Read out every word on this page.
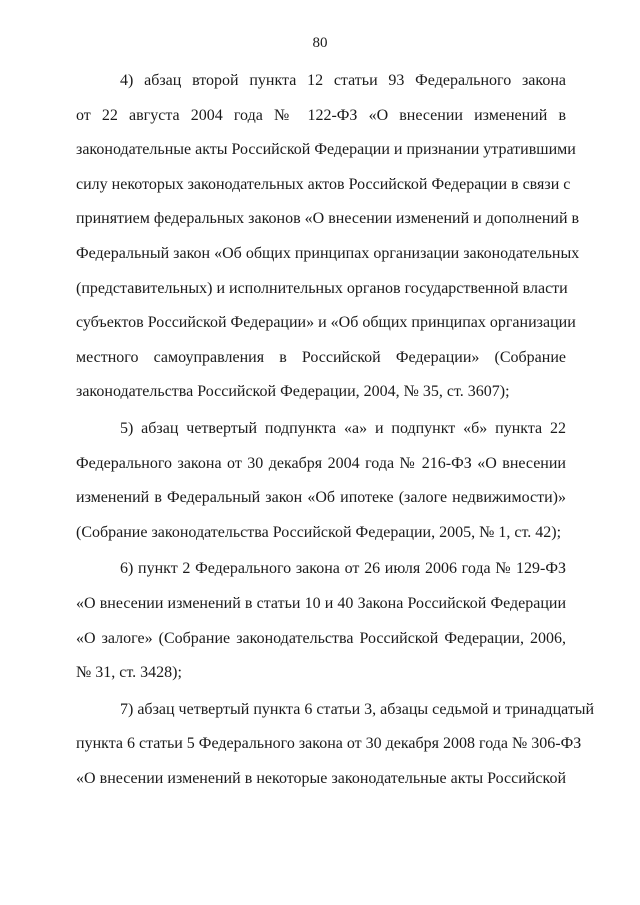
80
4) абзац второй пункта 12 статьи 93 Федерального закона
от 22 августа 2004 года № 122-ФЗ «О внесении изменений в
законодательные акты Российской Федерации и признании утратившими
силу некоторых законодательных актов Российской Федерации в связи с
принятием федеральных законов «О внесении изменений и дополнений в
Федеральный закон «Об общих принципах организации законодательных
(представительных) и исполнительных органов государственной власти
субъектов Российской Федерации» и «Об общих принципах организации
местного самоуправления в Российской Федерации» (Собрание
законодательства Российской Федерации, 2004, № 35, ст. 3607);
5) абзац четвертый подпункта «а» и подпункт «б» пункта 22
Федерального закона от 30 декабря 2004 года № 216-ФЗ «О внесении
изменений в Федеральный закон «Об ипотеке (залоге недвижимости)»
(Собрание законодательства Российской Федерации, 2005, № 1, ст. 42);
6) пункт 2 Федерального закона от 26 июля 2006 года № 129-ФЗ
«О внесении изменений в статьи 10 и 40 Закона Российской Федерации
«О залоге» (Собрание законодательства Российской Федерации, 2006,
№ 31, ст. 3428);
7) абзац четвертый пункта 6 статьи 3, абзацы седьмой и тринадцатый
пункта 6 статьи 5 Федерального закона от 30 декабря 2008 года № 306-ФЗ
«О внесении изменений в некоторые законодательные акты Российской
